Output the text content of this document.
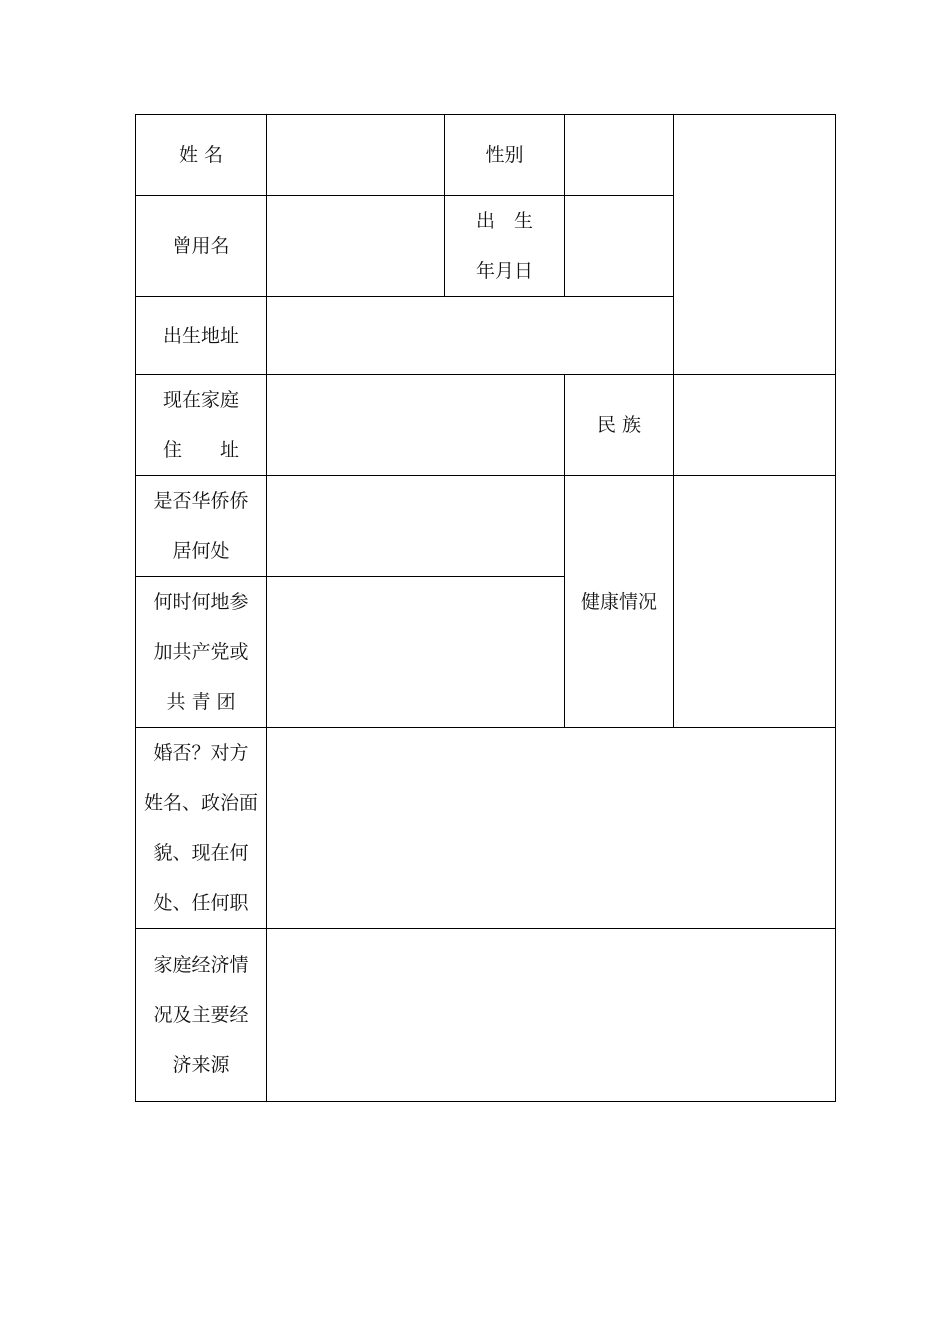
姓 名		性别		

曾用名		出　生
年月日		

出生地址				

现在家庭
住　　址			民 族	

是否华侨侨
居何处			健康情况	

何时何地参
加共产党或
共 青 团				

婚否？对方
姓名、政治面
貌、现在何
处、任何职				

家庭经济情
况及主要经
济来源				
